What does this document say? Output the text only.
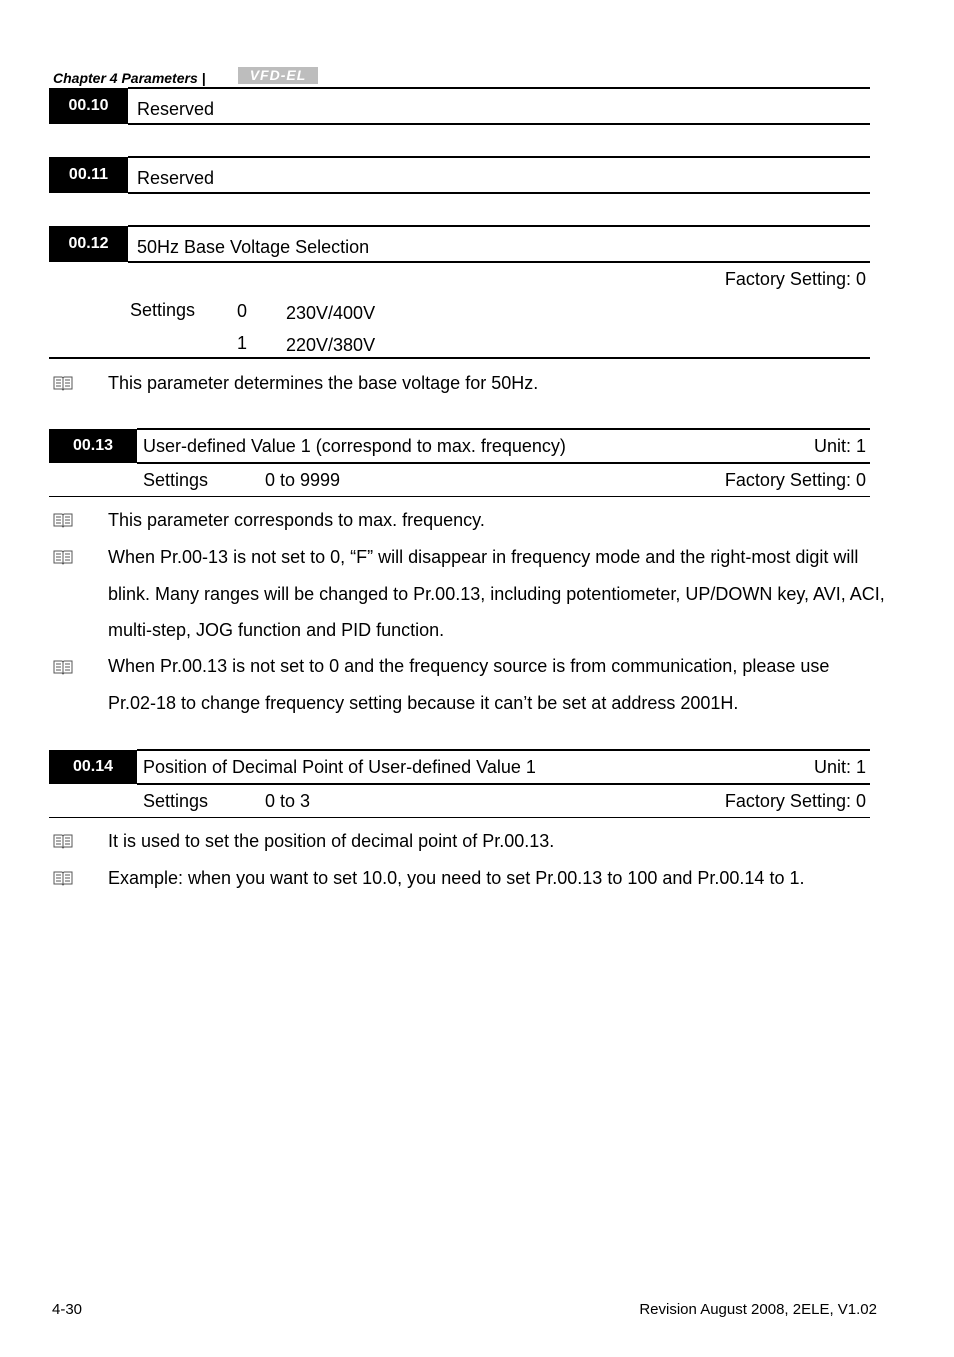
Chapter 4 Parameters |	VFD-EL
00.10	Reserved
00.11	Reserved
00.12	50Hz Base Voltage Selection
Factory Setting: 0
Settings 0 230V/400V
1 220V/380V
This parameter determines the base voltage for 50Hz.
00.13	User-defined Value 1 (correspond to max. frequency)	Unit: 1
Settings	0 to 9999	Factory Setting: 0
This parameter corresponds to max. frequency.
When Pr.00-13 is not set to 0, “F” will disappear in frequency mode and the right-most digit will blink. Many ranges will be changed to Pr.00.13, including potentiometer, UP/DOWN key, AVI, ACI, multi-step, JOG function and PID function.
When Pr.00.13 is not set to 0 and the frequency source is from communication, please use Pr.02-18 to change frequency setting because it can’t be set at address 2001H.
00.14	Position of Decimal Point of User-defined Value 1	Unit: 1
Settings	0 to 3	Factory Setting: 0
It is used to set the position of decimal point of Pr.00.13.
Example: when you want to set 10.0, you need to set Pr.00.13 to 100 and Pr.00.14 to 1.
4-30	Revision August 2008, 2ELE, V1.02
